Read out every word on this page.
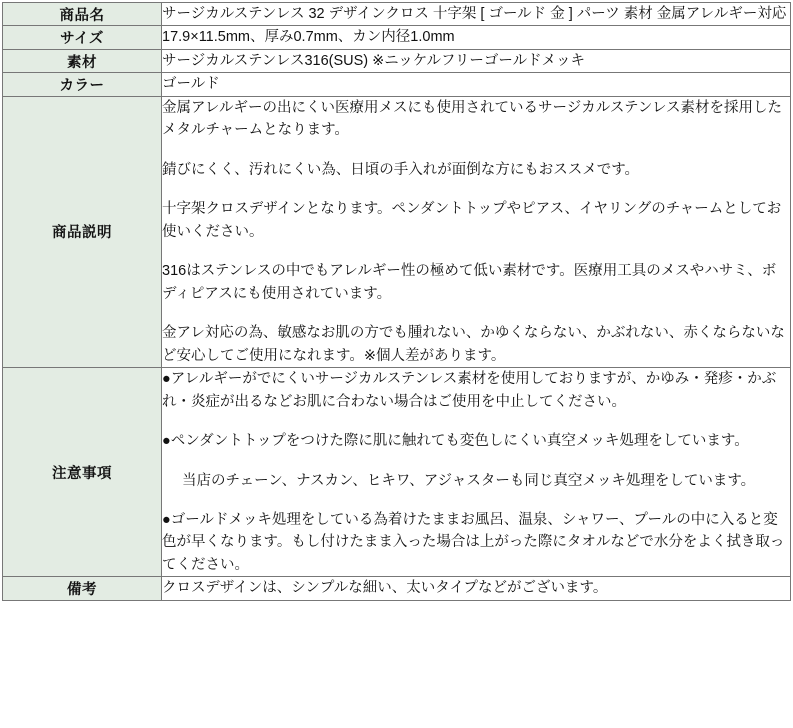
商品名	サージカルステンレス 32 デザインクロス 十字架 [ ゴールド 金 ] パーツ 素材 金属アレルギー対応
サイズ	17.9×11.5mm、厚み0.7mm、カン内径1.0mm
素材	サージカルステンレス316(SUS) ※ニッケルフリーゴールドメッキ
カラー	ゴールド
商品説明	金属アレルギーの出にくい医療用メスにも使用されているサージカルステンレス素材を採用したメタルチャームとなります。

錆びにくく、汚れにくい為、日頃の手入れが面倒な方にもおススメです。

十字架クロスデザインとなります。ペンダントトップやピアス、イヤリングのチャームとしてお使いください。

316はステンレスの中でもアレルギー性の極めて低い素材です。医療用工具のメスやハサミ、ボディピアスにも使用されています。

金アレ対応の為、敏感なお肌の方でも腫れない、かゆくならない、かぶれない、赤くならないなど安心してご使用になれます。※個人差があります。

注意事項	●アレルギーがでにくいサージカルステンレス素材を使用しておりますが、かゆみ・発疹・かぶれ・炎症が出るなどお肌に合わない場合はご使用を中止してください。

●ペンダントトップをつけた際に肌に触れても変色しにくい真空メッキ処理をしています。

当店のチェーン、ナスカン、ヒキワ、アジャスターも同じ真空メッキ処理をしています。

●ゴールドメッキ処理をしている為着けたままお風呂、温泉、シャワー、プールの中に入ると変色が早くなります。もし付けたまま入った場合は上がった際にタオルなどで水分をよく拭き取ってください。

備考	クロスデザインは、シンプルな細い、太いタイプなどがございます。
